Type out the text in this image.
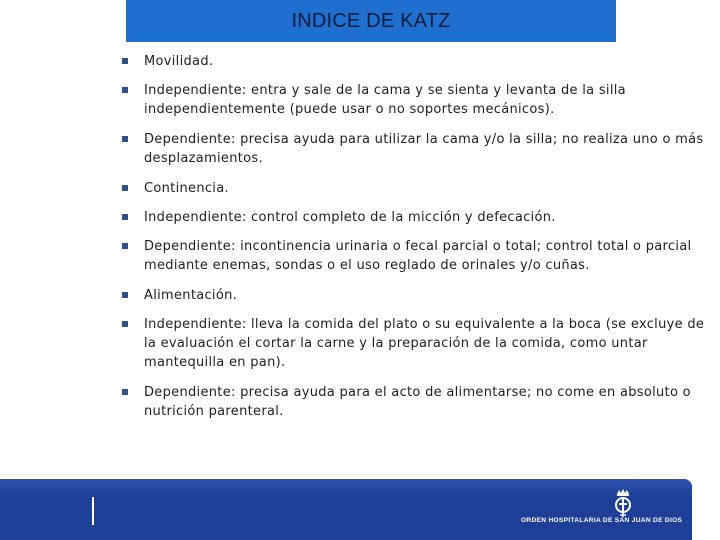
INDICE DE KATZ
Movilidad.
Independiente: entra y sale de la cama y se sienta y levanta de la silla independientemente (puede usar o no soportes mecánicos).
Dependiente: precisa ayuda para utilizar la cama y/o la silla; no realiza uno o más desplazamientos.
Continencia.
Independiente: control completo de la micción y defecación.
Dependiente: incontinencia urinaria o fecal parcial o total; control total o parcial mediante enemas, sondas o el uso reglado de orinales y/o cuñas.
Alimentación.
Independiente: lleva la comida del plato o su equivalente a la boca (se excluye de la evaluación el cortar la carne y la preparación de la comida, como untar mantequilla en pan).
Dependiente: precisa ayuda para el acto de alimentarse; no come en absoluto o nutrición parenteral.
ORDEN HOSPITALARIA DE SAN JUAN DE DIOS
